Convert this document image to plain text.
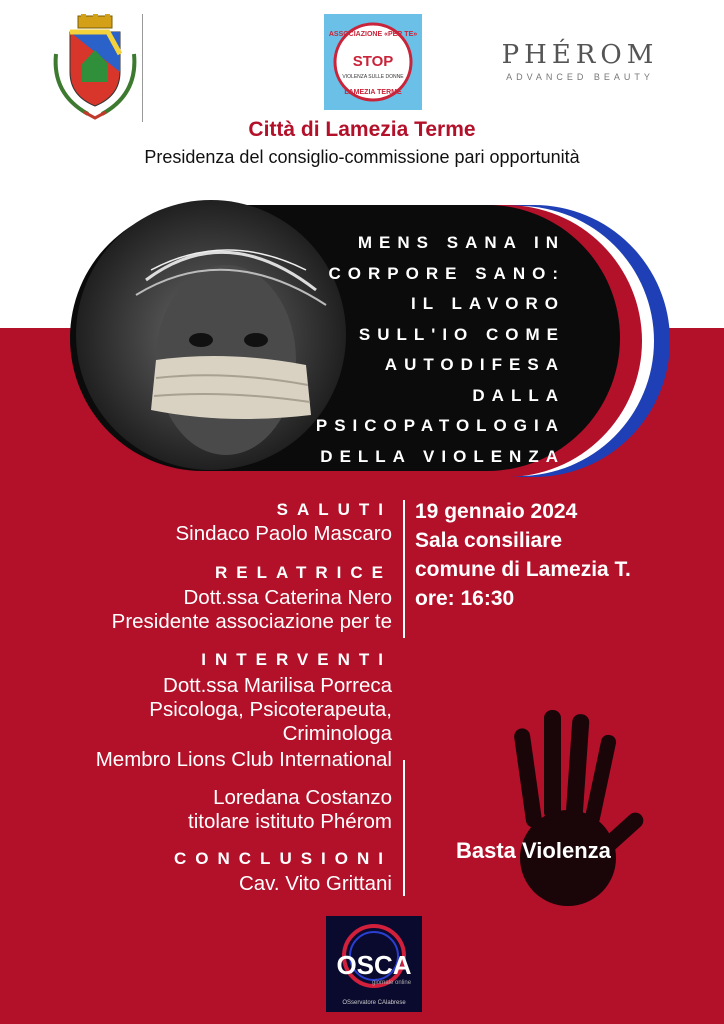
ASSOCIAZIONE «PER TE»
STOP
VIOLENZA SULLE DONNE
LAMEZIA TERME
PHÉROM
ADVANCED BEAUTY
Città di Lamezia Terme
Presidenza del consiglio-commissione pari opportunità
MENS SANA IN
CORPORE SANO:
IL LAVORO
SULL'IO COME
AUTODIFESA
DALLA
PSICOPATOLOGIA
DELLA VIOLENZA
SALUTI
Sindaco Paolo Mascaro
RELATRICE
Dott.ssa Caterina Nero
Presidente associazione per te
INTERVENTI
Dott.ssa Marilisa Porreca
Psicologa, Psicoterapeuta,
Criminologa
Membro Lions Club International
Loredana Costanzo
titolare istituto Phérom
CONCLUSIONI
Cav. Vito Grittani
19 gennaio 2024
Sala consiliare
comune di Lamezia T.
ore: 16:30
Basta Violenza
OSCA
giornale online
OSservatore CAlabrese
